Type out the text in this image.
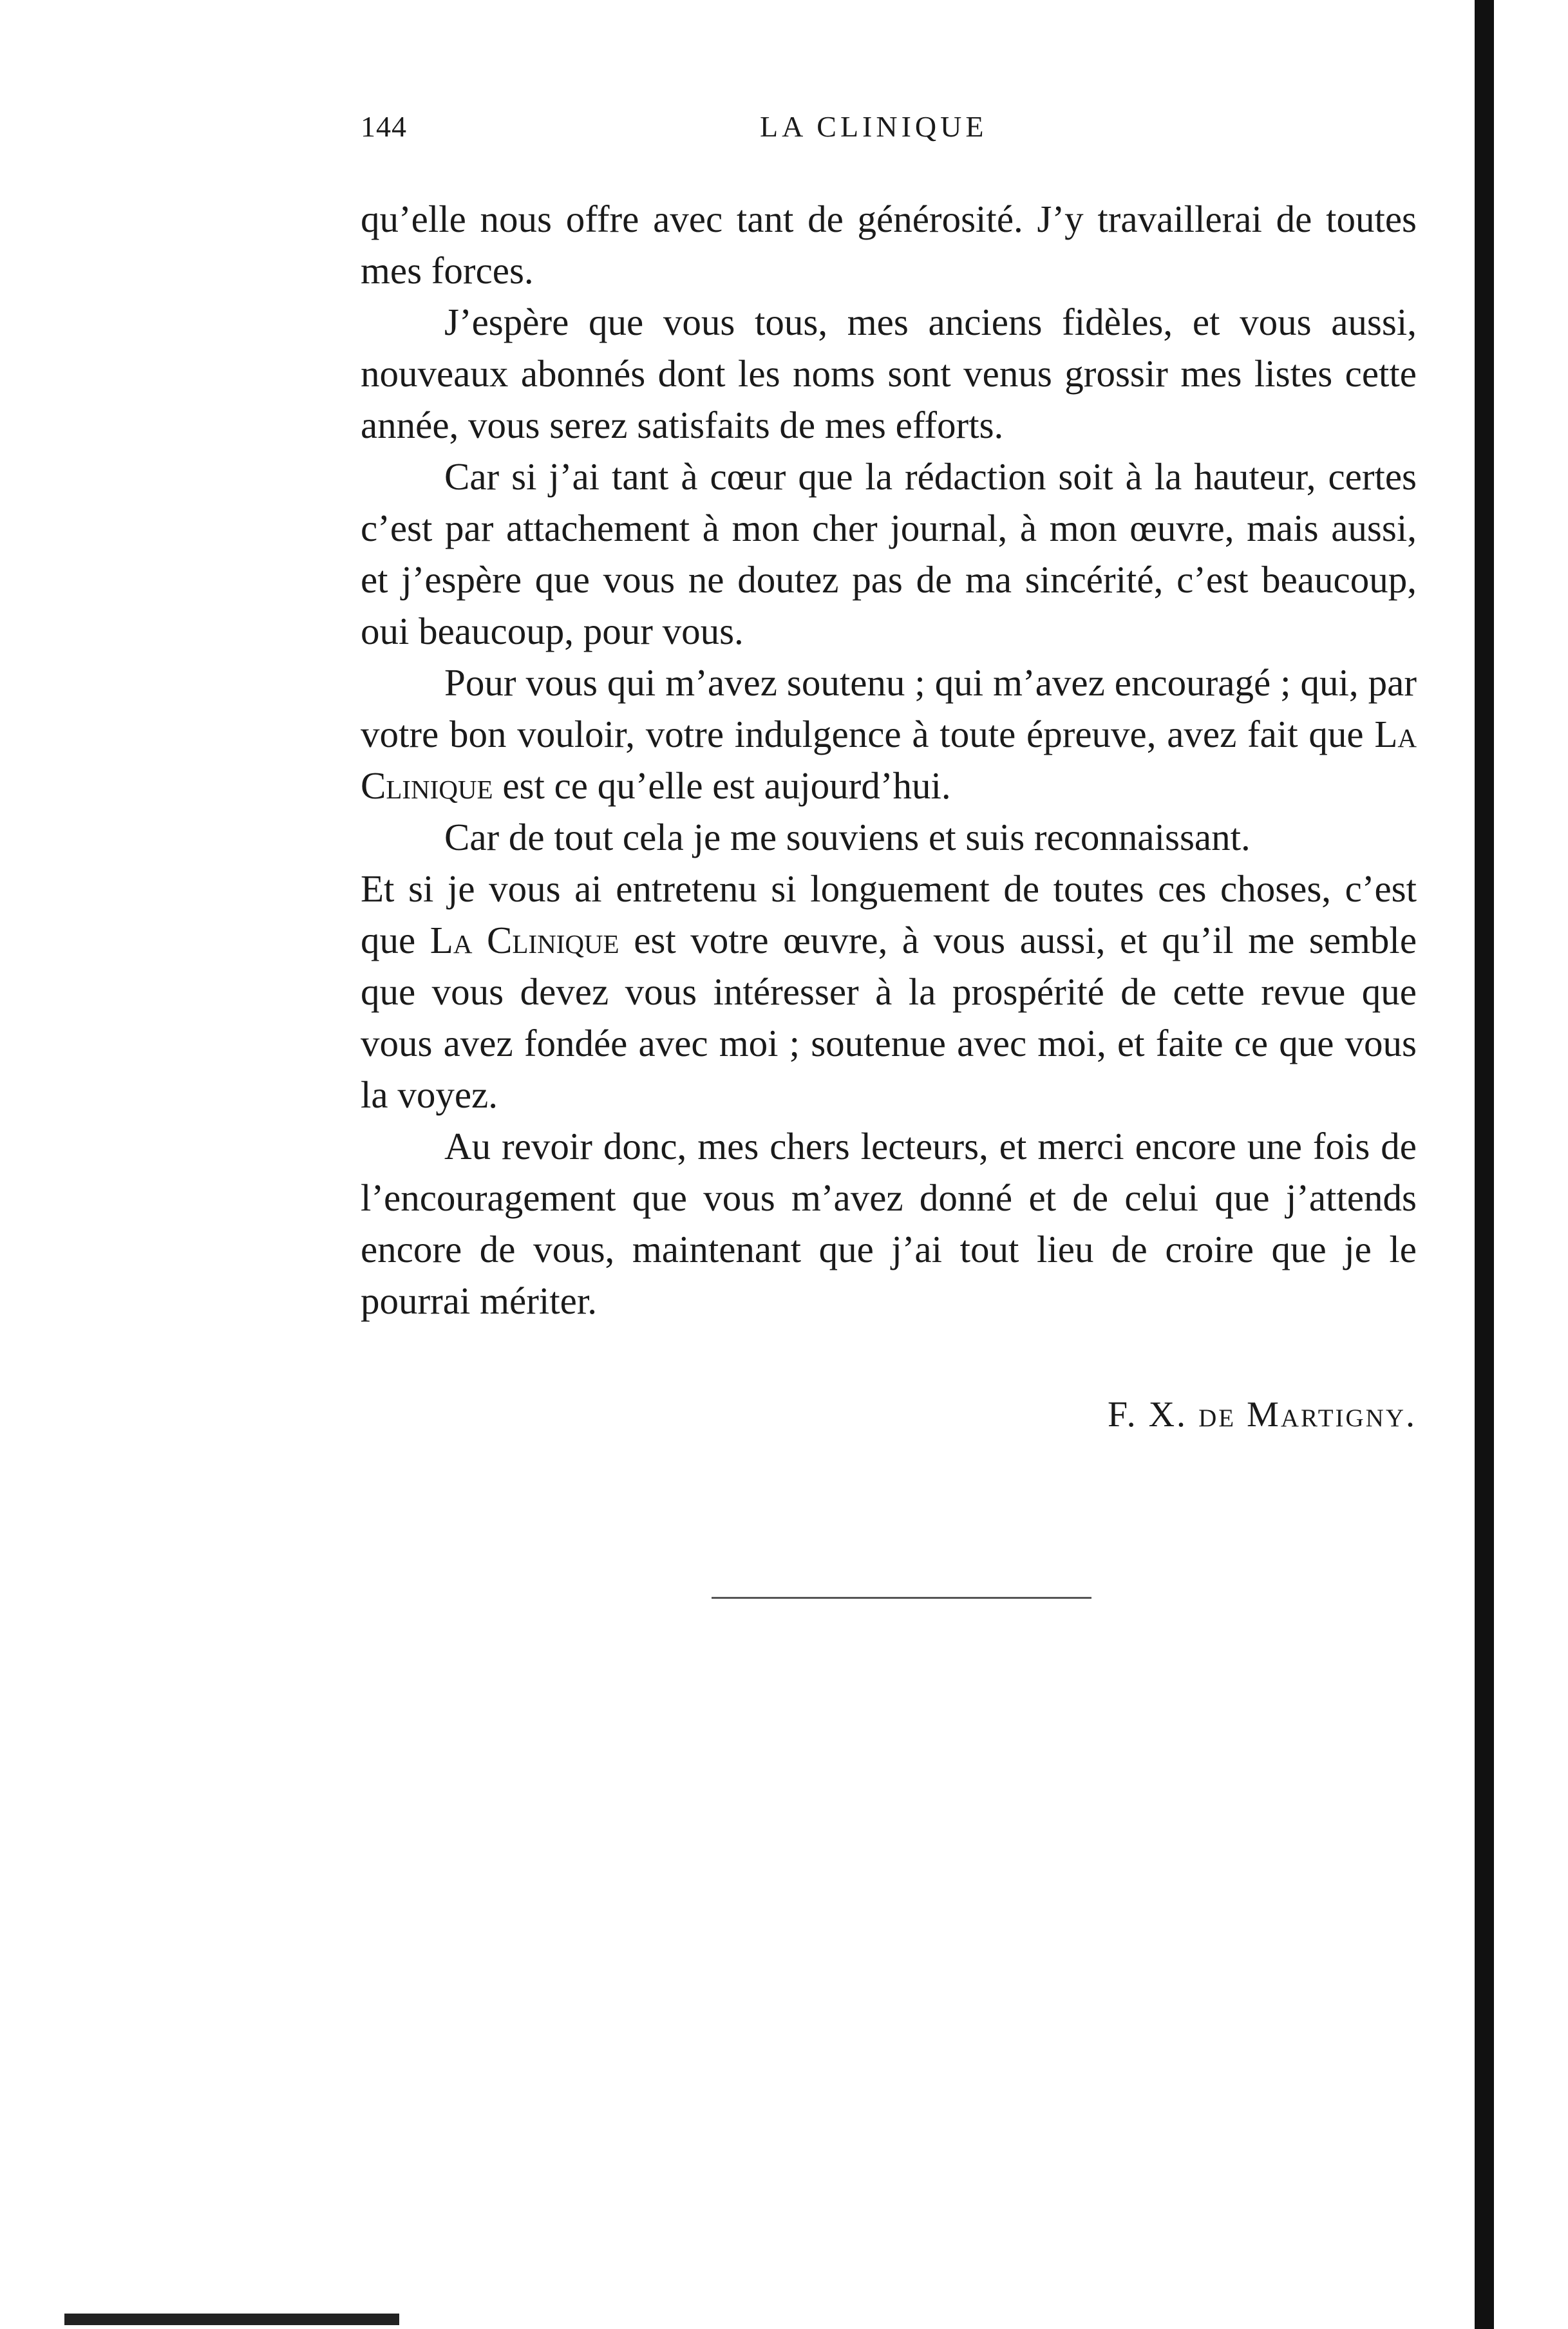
144	LA CLINIQUE

qu’elle nous offre avec tant de générosité. J’y travaillerai de toutes mes forces.

J’espère que vous tous, mes anciens fidèles, et vous aussi, nouveaux abonnés dont les noms sont venus grossir mes listes cette année, vous serez satisfaits de mes efforts.

Car si j’ai tant à cœur que la rédaction soit à la hauteur, certes c’est par attachement à mon cher journal, à mon œuvre, mais aussi, et j’espère que vous ne doutez pas de ma sincérité, c’est beaucoup, oui beaucoup, pour vous.

Pour vous qui m’avez soutenu ; qui m’avez encouragé ; qui, par votre bon vouloir, votre indulgence à toute épreuve, avez fait que La Clinique est ce qu’elle est aujourd’hui.

Car de tout cela je me souviens et suis reconnaissant.

Et si je vous ai entretenu si longuement de toutes ces choses, c’est que La Clinique est votre œuvre, à vous aussi, et qu’il me semble que vous devez vous intéresser à la prospérité de cette revue que vous avez fondée avec moi ; soutenue avec moi, et faite ce que vous la voyez.

Au revoir donc, mes chers lecteurs, et merci encore une fois de l’encouragement que vous m’avez donné et de celui que j’attends encore de vous, maintenant que j’ai tout lieu de croire que je le pourrai mériter.

F. X. de Martigny.
